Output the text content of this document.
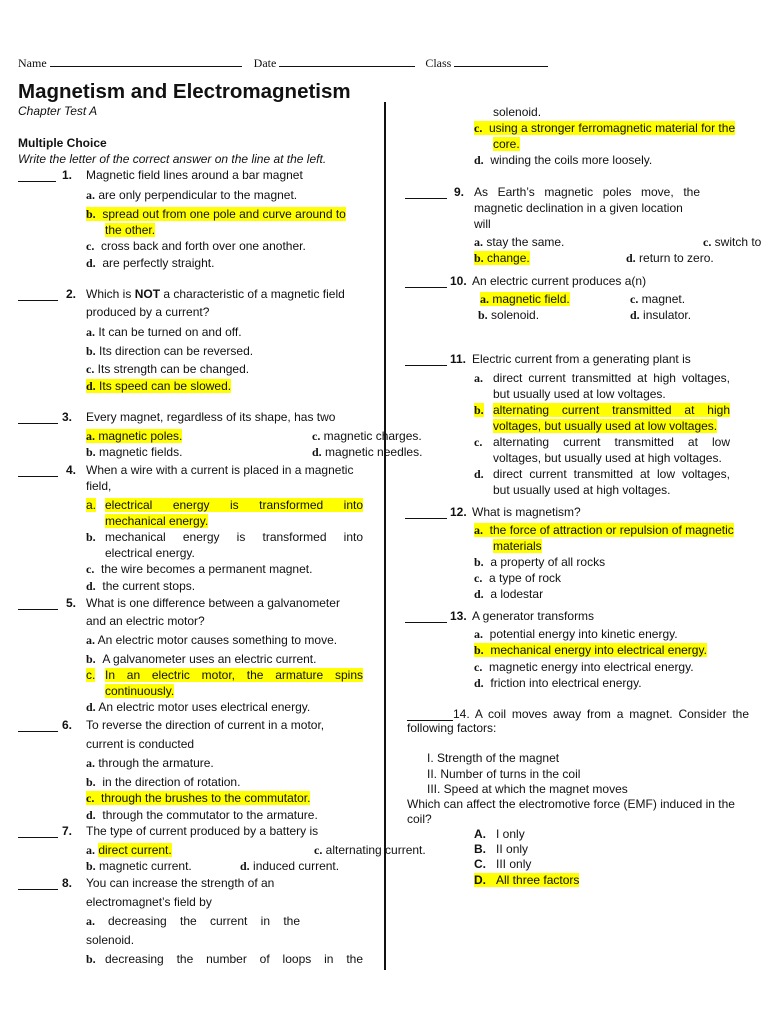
Name	Date	Class
Magnetism and Electromagnetism
Chapter Test A
Multiple Choice
Write the letter of the correct answer on the line at the left.
1. Magnetic field lines around a bar magnet
a. are only perpendicular to the magnet.
b. spread out from one pole and curve around to
the other.
c. cross back and forth over one another.
d. are perfectly straight.
2. Which is NOT a characteristic of a magnetic field
produced by a current?
a. It can be turned on and off.
b. Its direction can be reversed.
c. Its strength can be changed.
d. Its speed can be slowed.
3. Every magnet, regardless of its shape, has two
a. magnetic poles.
b. magnetic fields.
c. magnetic charges.
d. magnetic needles.
4. When a wire with a current is placed in a magnetic
field,
a. electrical energy is transformed into
mechanical energy.
b. mechanical energy is transformed into
electrical energy.
c. the wire becomes a permanent magnet.
d. the current stops.
5. What is one difference between a galvanometer
and an electric motor?
a. An electric motor causes something to move.
b. A galvanometer uses an electric current.
c. In an electric motor, the armature spins
continuously.
d. An electric motor uses electrical energy.
6. To reverse the direction of current in a motor,
current is conducted
a. through the armature.
b. in the direction of rotation.
c. through the brushes to the commutator.
d. through the commutator to the armature.
7. The type of current produced by a battery is
a. direct current.
b. magnetic current.
c. alternating current.
d. induced current.
8. You can increase the strength of an
electromagnet’s field by
a. decreasing the current in the
solenoid.
b. decreasing the number of loops in the
solenoid.
c. using a stronger ferromagnetic material for the
core.
d. winding the coils more loosely.
9. As Earth’s magnetic poles move, the
magnetic declination in a given location
will
a. stay the same.
b. change.
c. switch to
d. return to zero.
10. An electric current produces a(n)
a. magnetic field.
b. solenoid.
c. magnet.
d. insulator.
11. Electric current from a generating plant is
a. direct current transmitted at high voltages,
but usually used at low voltages.
b. alternating current transmitted at high
voltages, but usually used at low voltages.
c. alternating current transmitted at low
voltages, but usually used at high voltages.
d. direct current transmitted at low voltages,
but usually used at high voltages.
12. What is magnetism?
a. the force of attraction or repulsion of magnetic
materials
b. a property of all rocks
c. a type of rock
d. a lodestar
13. A generator transforms
a. potential energy into kinetic energy.
b. mechanical energy into electrical energy.
c. magnetic energy into electrical energy.
d. friction into electrical energy.
14. A coil moves away from a magnet. Consider the
following factors:
I. Strength of the magnet
II. Number of turns in the coil
III. Speed at which the magnet moves
Which can affect the electromotive force (EMF) induced in the
coil?
A. I only
B. II only
C. III only
D. All three factors
